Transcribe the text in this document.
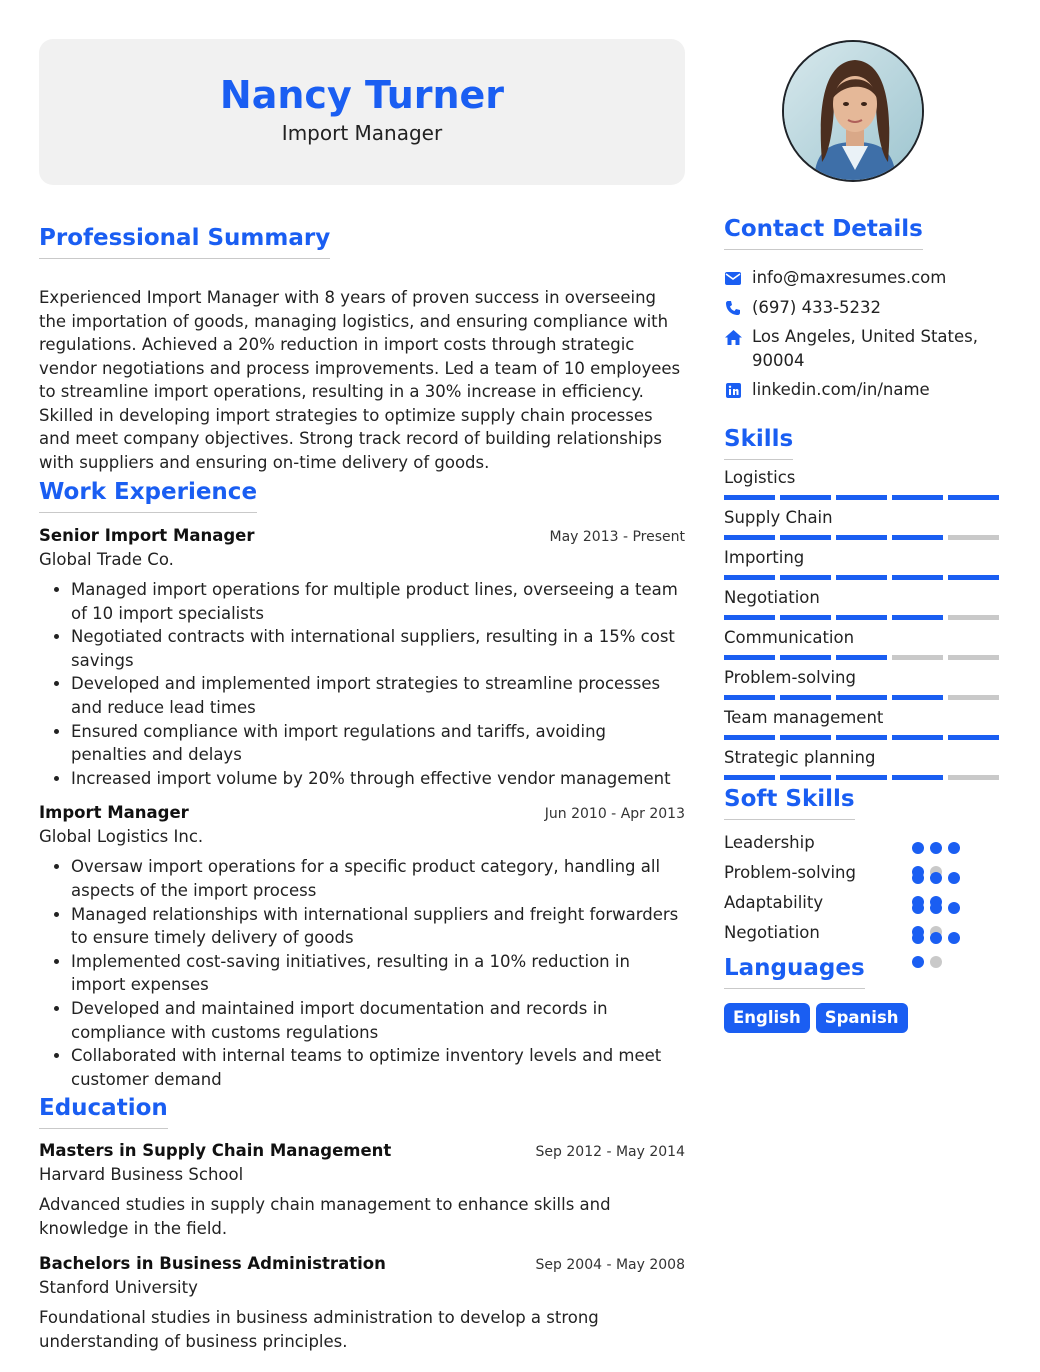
Nancy Turner
Import Manager
Professional Summary
Experienced Import Manager with 8 years of proven success in overseeing the importation of goods, managing logistics, and ensuring compliance with regulations. Achieved a 20% reduction in import costs through strategic vendor negotiations and process improvements. Led a team of 10 employees to streamline import operations, resulting in a 30% increase in efficiency. Skilled in developing import strategies to optimize supply chain processes and meet company objectives. Strong track record of building relationships with suppliers and ensuring on-time delivery of goods.
Work Experience
Senior Import Manager	May 2013 - Present
Global Trade Co.
• Managed import operations for multiple product lines, overseeing a team of 10 import specialists
• Negotiated contracts with international suppliers, resulting in a 15% cost savings
• Developed and implemented import strategies to streamline processes and reduce lead times
• Ensured compliance with import regulations and tariffs, avoiding penalties and delays
• Increased import volume by 20% through effective vendor management
Import Manager	Jun 2010 - Apr 2013
Global Logistics Inc.
• Oversaw import operations for a specific product category, handling all aspects of the import process
• Managed relationships with international suppliers and freight forwarders to ensure timely delivery of goods
• Implemented cost-saving initiatives, resulting in a 10% reduction in import expenses
• Developed and maintained import documentation and records in compliance with customs regulations
• Collaborated with internal teams to optimize inventory levels and meet customer demand
Education
Masters in Supply Chain Management	Sep 2012 - May 2014
Harvard Business School
Advanced studies in supply chain management to enhance skills and knowledge in the field.
Bachelors in Business Administration	Sep 2004 - May 2008
Stanford University
Foundational studies in business administration to develop a strong understanding of business principles.
Contact Details
info@maxresumes.com
(697) 433-5232
Los Angeles, United States, 90004
linkedin.com/in/name
Skills
Logistics
Supply Chain
Importing
Negotiation
Communication
Problem-solving
Team management
Strategic planning
Soft Skills
Leadership
Problem-solving
Adaptability
Negotiation
Languages
English	Spanish
